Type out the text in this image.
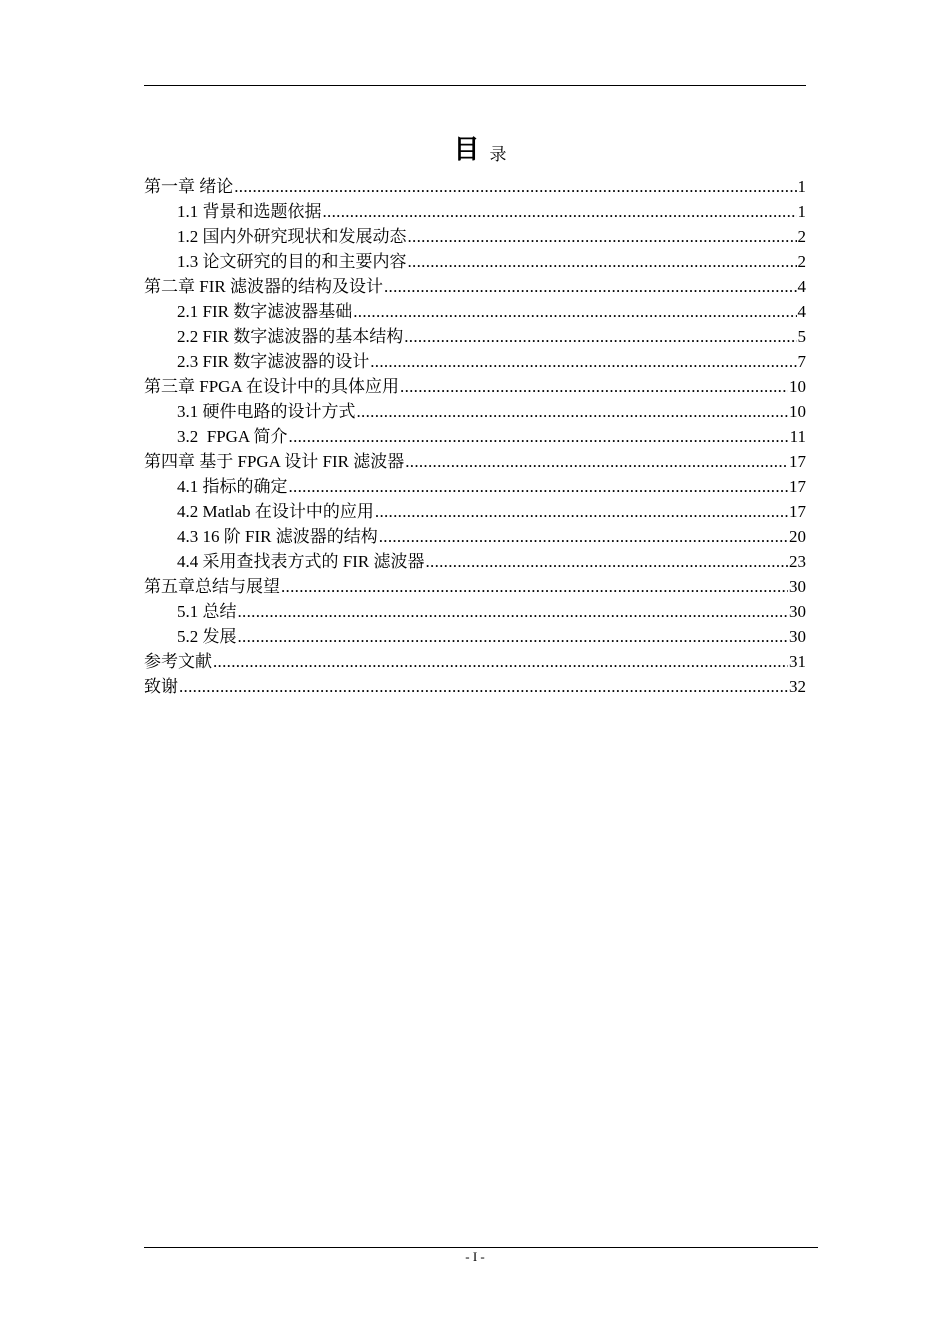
目录
第一章 绪论 .....	1
1.1 背景和选题依据 .....	1
1.2 国内外研究现状和发展动态 .....	2
1.3 论文研究的目的和主要内容 .....	2
第二章 FIR 滤波器的结构及设计 .....	4
2.1 FIR 数字滤波器基础 .....	4
2.2 FIR 数字滤波器的基本结构 .....	5
2.3 FIR 数字滤波器的设计 .....	7
第三章 FPGA 在设计中的具体应用 .....	10
3.1 硬件电路的设计方式 .....	10
3.2  FPGA 简介 .....	11
第四章 基于 FPGA 设计 FIR 滤波器 .....	17
4.1 指标的确定 .....	17
4.2 Matlab 在设计中的应用 .....	17
4.3 16 阶 FIR 滤波器的结构 .....	20
4.4 采用查找表方式的 FIR 滤波器 .....	23
第五章总结与展望 .....	30
5.1 总结 .....	30
5.2 发展 .....	30
参考文献 .....	31
致谢 .....	32
- I -
